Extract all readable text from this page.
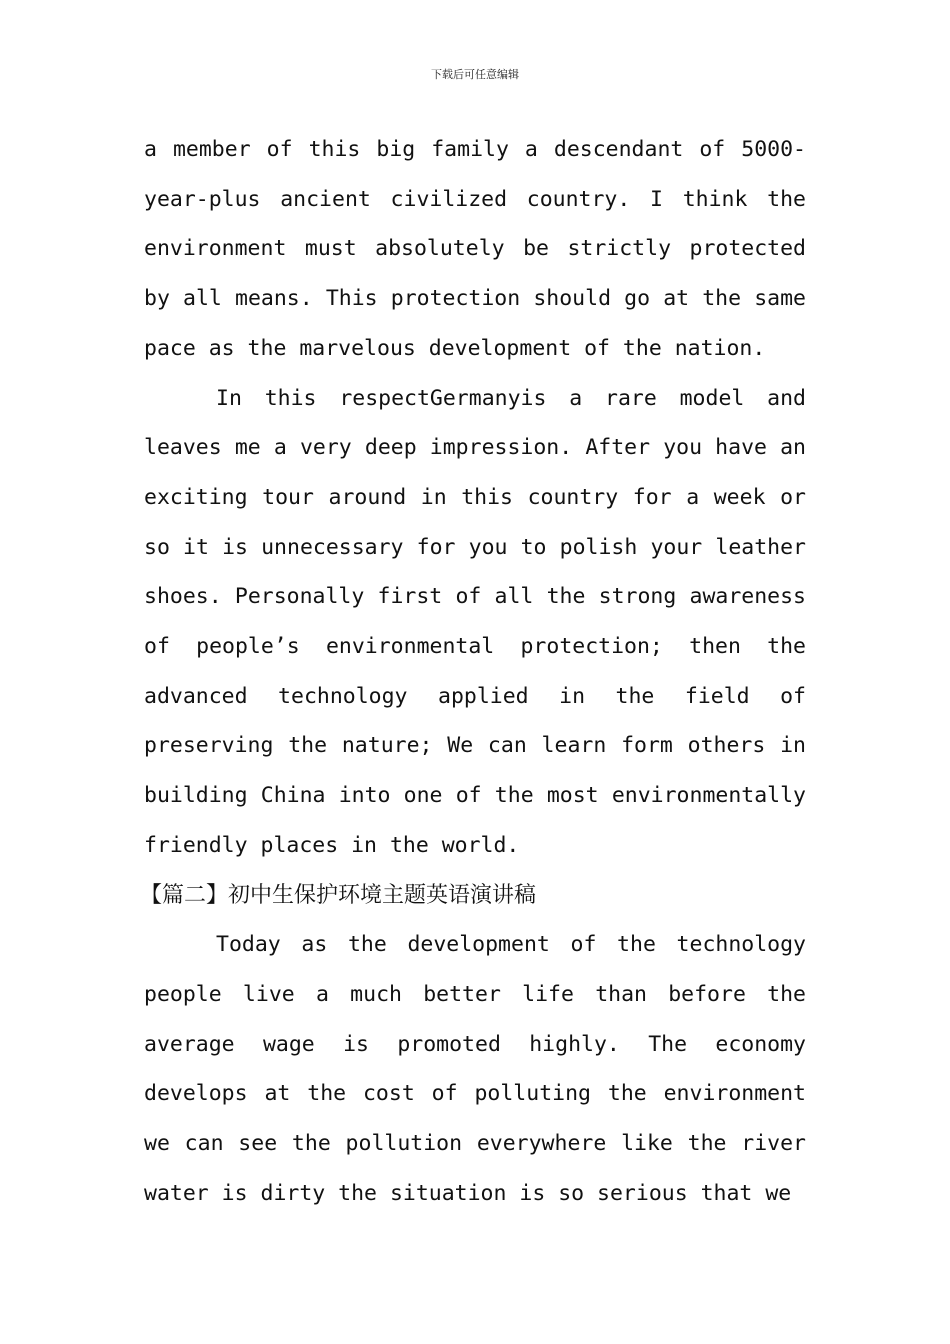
下载后可任意编辑

a member of this big family a descendant of 5000-year-plus ancient civilized country. I think the environment must absolutely be strictly protected by all means. This protection should go at the same pace as the marvelous development of the nation.

In this respectGermanyis a rare model and leaves me a very deep impression. After you have an exciting tour around in this country for a week or so it is unnecessary for you to polish your leather shoes. Personally first of all the strong awareness of people’s environmental protection; then the advanced technology applied in the field of preserving the nature; We can learn form others in building China into one of the most environmentally friendly places in the world.

【篇二】初中生保护环境主题英语演讲稿

Today as the development of the technology people live a much better life than before the average wage is promoted highly. The economy develops at the cost of polluting the environment we can see the pollution everywhere like the river water is dirty the situation is so serious that we
